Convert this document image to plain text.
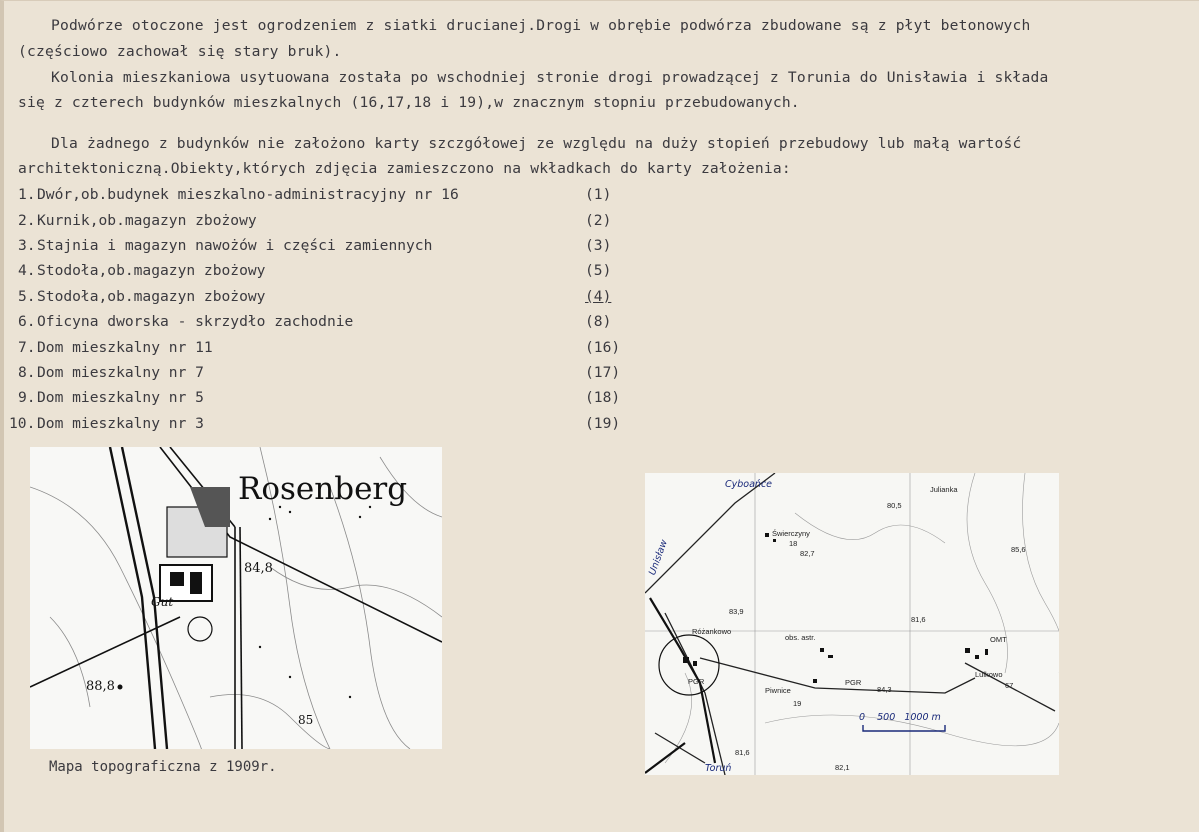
Podwórze otoczone jest ogrodzeniem z siatki drucianej.Drogi w obrębie podwórza zbudowane są z płyt betonowych
(częściowo zachował się stary bruk).
Kolonia mieszkaniowa usytuowana została po wschodniej stronie drogi prowadzącej z Torunia do Unisławia i składa
się z czterech budynków mieszkalnych (16,17,18 i 19),w znacznym stopniu przebudowanych.
Dla żadnego z budynków nie założono karty szczgółowej ze względu na duży stopień przebudowy lub małą wartość
architektoniczną.Obiekty,których zdjęcia zamieszczono na wkładkach do karty założenia:
1. Dwór,ob.budynek mieszkalno-administracyjny nr 16	(1)
2. Kurnik,ob.magazyn zbożowy	(2)
3. Stajnia i magazyn nawożów i części zamiennych	(3)
4. Stodoła,ob.magazyn zbożowy	(5)
5. Stodoła,ob.magazyn zbożowy	(4)
6. Oficyna dworska - skrzydło zachodnie	(8)
7. Dom mieszkalny nr 11	(16)
8. Dom mieszkalny nr 7	(17)
9. Dom mieszkalny nr 5	(18)
10. Dom mieszkalny nr 3	(19)
Rosenberg
Gut
84,8
88,8
85
Mapa topograficzna z 1909r.
Julianka
Świerczyny
Różankowo
Piwnice
Lulkowo
obs. astr.
PGR	PGR
OMT
80,5
82,7	85,6
83,9
81,6
84,3
81,6
82,1
19
67
18
Cyboańce
Unisław
Toruń
0    500   1000 m
